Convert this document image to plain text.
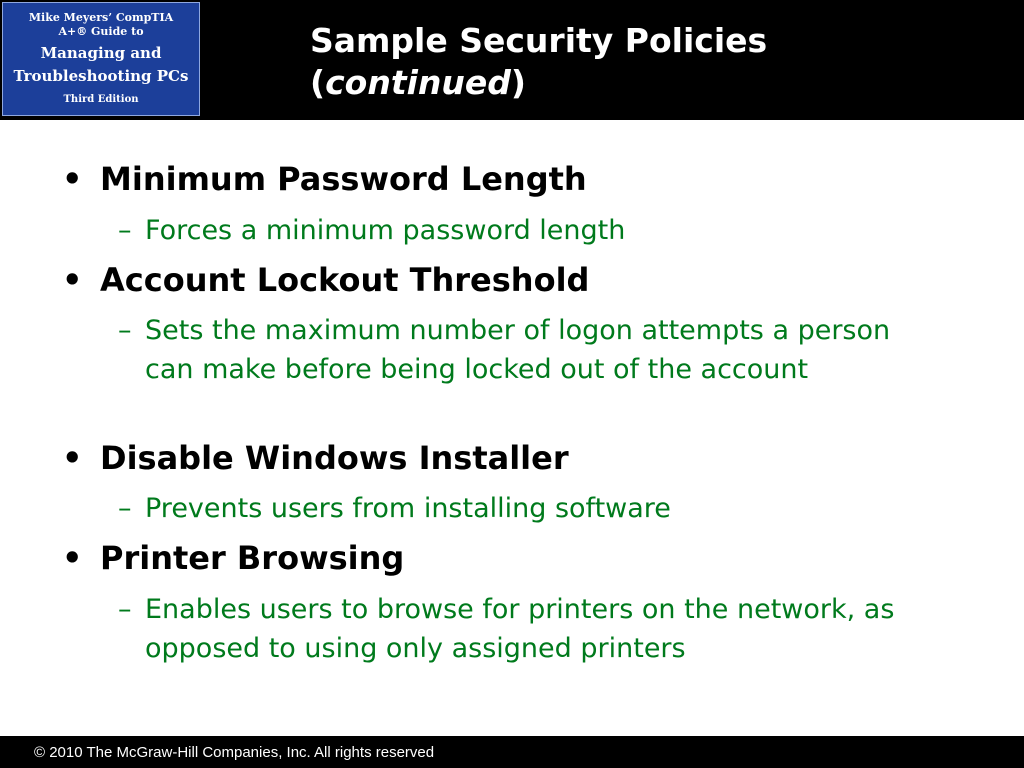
Mike Meyers’ CompTIA
A+® Guide to
Managing and
Troubleshooting PCs
Third Edition
Sample Security Policies
(continued)
• Minimum Password Length
– Forces a minimum password length
• Account Lockout Threshold
– Sets the maximum number of logon attempts a person can make before being locked out of the account
• Disable Windows Installer
– Prevents users from installing software
• Printer Browsing
– Enables users to browse for printers on the network, as opposed to using only assigned printers
© 2010 The McGraw-Hill Companies, Inc. All rights reserved
